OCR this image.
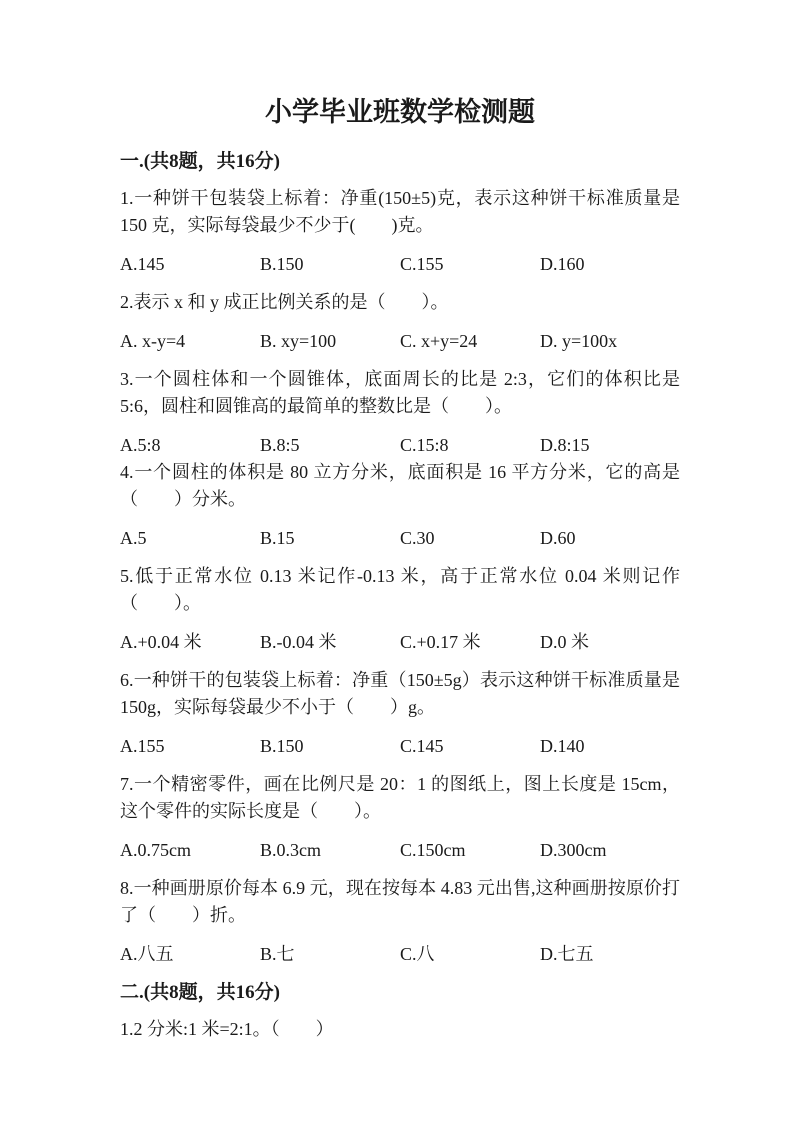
小学毕业班数学检测题
一.(共8题，共16分)

1.一种饼干包装袋上标着：净重(150±5)克，表示这种饼干标准质量是 150 克，实际每袋最少不少于(　　)克。

A.145	B.150	C.155	D.160

2.表示 x 和 y 成正比例关系的是（　　）。

A. x-y=4	B. xy=100	C. x+y=24	D. y=100x

3.一个圆柱体和一个圆锥体，底面周长的比是 2:3，它们的体积比是 5:6，圆柱和圆锥高的最简单的整数比是（　　）。

A.5:8	B.8:5	C.15:8	D.8:15

4.一个圆柱的体积是 80 立方分米，底面积是 16 平方分米，它的高是（　　）分米。

A.5	B.15	C.30	D.60

5.低于正常水位 0.13 米记作-0.13 米，高于正常水位 0.04 米则记作（　　）。

A.+0.04 米	B.-0.04 米	C.+0.17 米	D.0 米

6.一种饼干的包装袋上标着：净重（150±5g）表示这种饼干标准质量是 150g，实际每袋最少不小于（　　）g。

A.155	B.150	C.145	D.140

7.一个精密零件，画在比例尺是 20：1 的图纸上，图上长度是 15cm，这个零件的实际长度是（　　）。

A.0.75cm	B.0.3cm	C.150cm	D.300cm

8.一种画册原价每本 6.9 元，现在按每本 4.83 元出售,这种画册按原价打了（　　）折。

A.八五	B.七	C.八	D.七五
二.(共8题，共16分)

1.2 分米:1 米=2:1。（　　）
